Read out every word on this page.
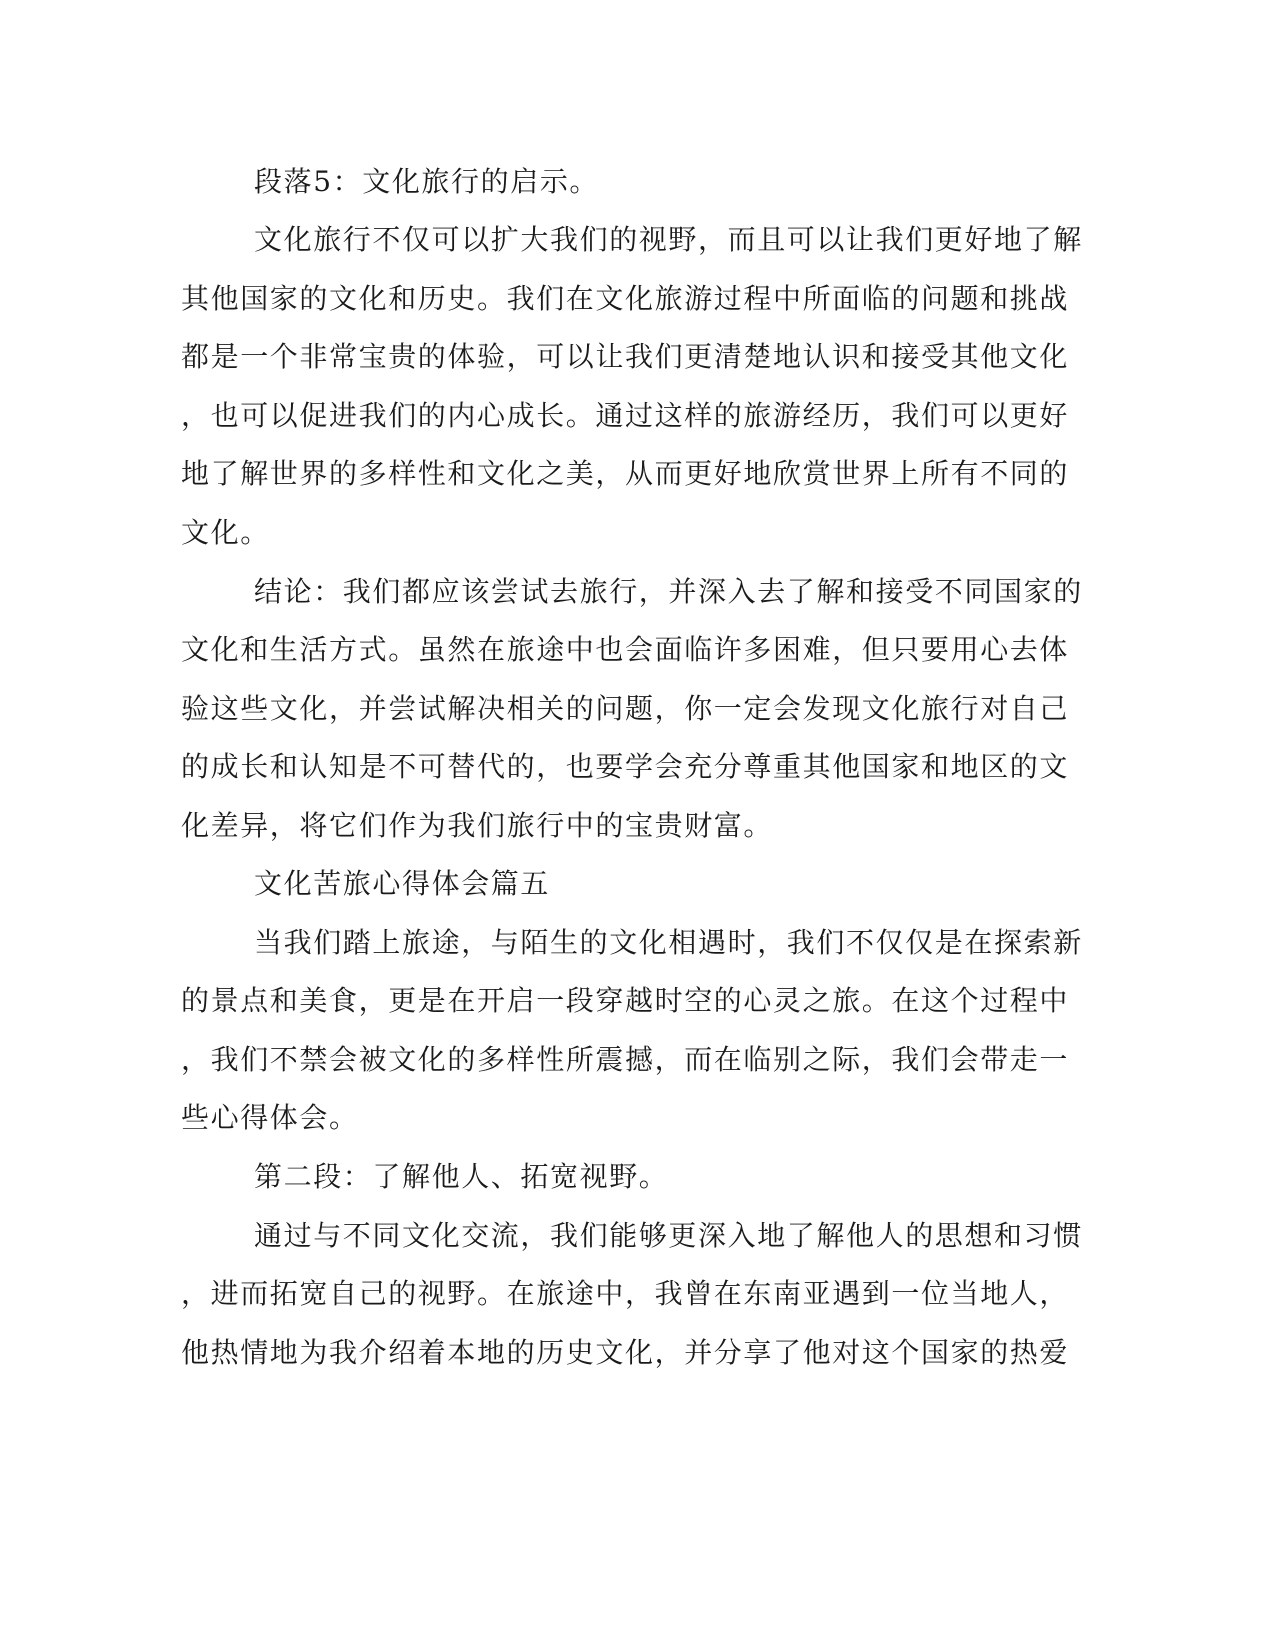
段落5：文化旅行的启示。
文化旅行不仅可以扩大我们的视野，而且可以让我们更好地了解
其他国家的文化和历史。我们在文化旅游过程中所面临的问题和挑战
都是一个非常宝贵的体验，可以让我们更清楚地认识和接受其他文化
，也可以促进我们的内心成长。通过这样的旅游经历，我们可以更好
地了解世界的多样性和文化之美，从而更好地欣赏世界上所有不同的
文化。
结论：我们都应该尝试去旅行，并深入去了解和接受不同国家的
文化和生活方式。虽然在旅途中也会面临许多困难，但只要用心去体
验这些文化，并尝试解决相关的问题，你一定会发现文化旅行对自己
的成长和认知是不可替代的，也要学会充分尊重其他国家和地区的文
化差异，将它们作为我们旅行中的宝贵财富。
文化苦旅心得体会篇五
当我们踏上旅途，与陌生的文化相遇时，我们不仅仅是在探索新
的景点和美食，更是在开启一段穿越时空的心灵之旅。在这个过程中
，我们不禁会被文化的多样性所震撼，而在临别之际，我们会带走一
些心得体会。
第二段：了解他人、拓宽视野。
通过与不同文化交流，我们能够更深入地了解他人的思想和习惯
，进而拓宽自己的视野。在旅途中，我曾在东南亚遇到一位当地人，
他热情地为我介绍着本地的历史文化，并分享了他对这个国家的热爱
